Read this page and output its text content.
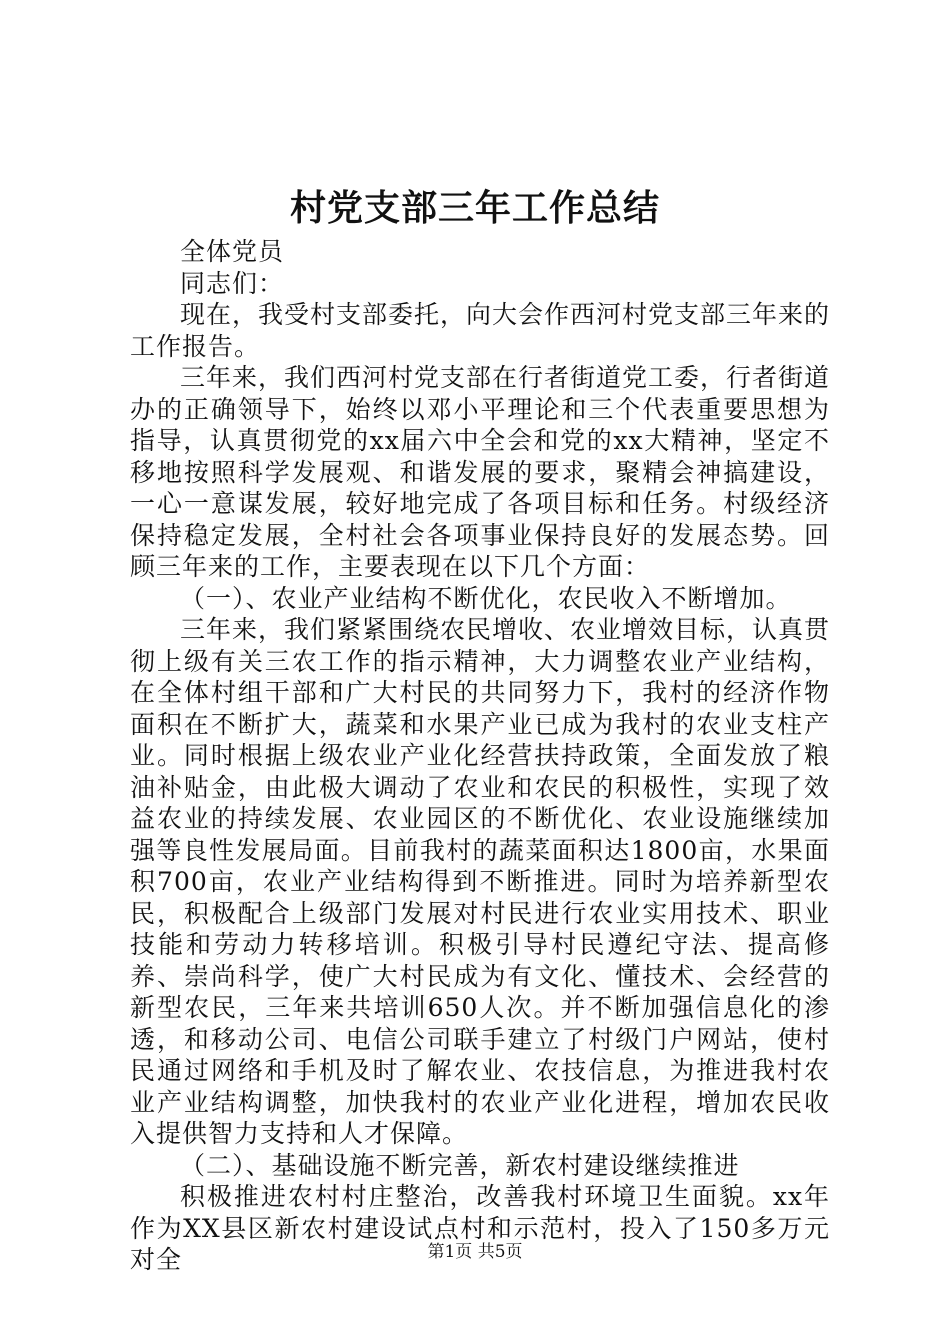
村党支部三年工作总结

全体党员

同志们：

现在，我受村支部委托，向大会作西河村党支部三年来的工作报告。

三年来，我们西河村党支部在行者街道党工委，行者街道办的正确领导下，始终以邓小平理论和三个代表重要思想为指导，认真贯彻党的xx届六中全会和党的xx大精神，坚定不移地按照科学发展观、和谐发展的要求，聚精会神搞建设，一心一意谋发展，较好地完成了各项目标和任务。村级经济保持稳定发展，全村社会各项事业保持良好的发展态势。回顾三年来的工作，主要表现在以下几个方面：

（一）、农业产业结构不断优化，农民收入不断增加。

三年来，我们紧紧围绕农民增收、农业增效目标，认真贯彻上级有关三农工作的指示精神，大力调整农业产业结构，在全体村组干部和广大村民的共同努力下，我村的经济作物面积在不断扩大，蔬菜和水果产业已成为我村的农业支柱产业。同时根据上级农业产业化经营扶持政策，全面发放了粮油补贴金，由此极大调动了农业和农民的积极性，实现了效益农业的持续发展、农业园区的不断优化、农业设施继续加强等良性发展局面。目前我村的蔬菜面积达1800亩，水果面积700亩，农业产业结构得到不断推进。同时为培养新型农民，积极配合上级部门发展对村民进行农业实用技术、职业技能和劳动力转移培训。积极引导村民遵纪守法、提高修养、崇尚科学，使广大村民成为有文化、懂技术、会经营的新型农民，三年来共培训650人次。并不断加强信息化的渗透，和移动公司、电信公司联手建立了村级门户网站，使村民通过网络和手机及时了解农业、农技信息，为推进我村农业产业结构调整，加快我村的农业产业化进程，增加农民收入提供智力支持和人才保障。

（二）、基础设施不断完善，新农村建设继续推进

积极推进农村村庄整治，改善我村环境卫生面貌。xx年作为XX县区新农村建设试点村和示范村，投入了150多万元对全	第1页 共5页
